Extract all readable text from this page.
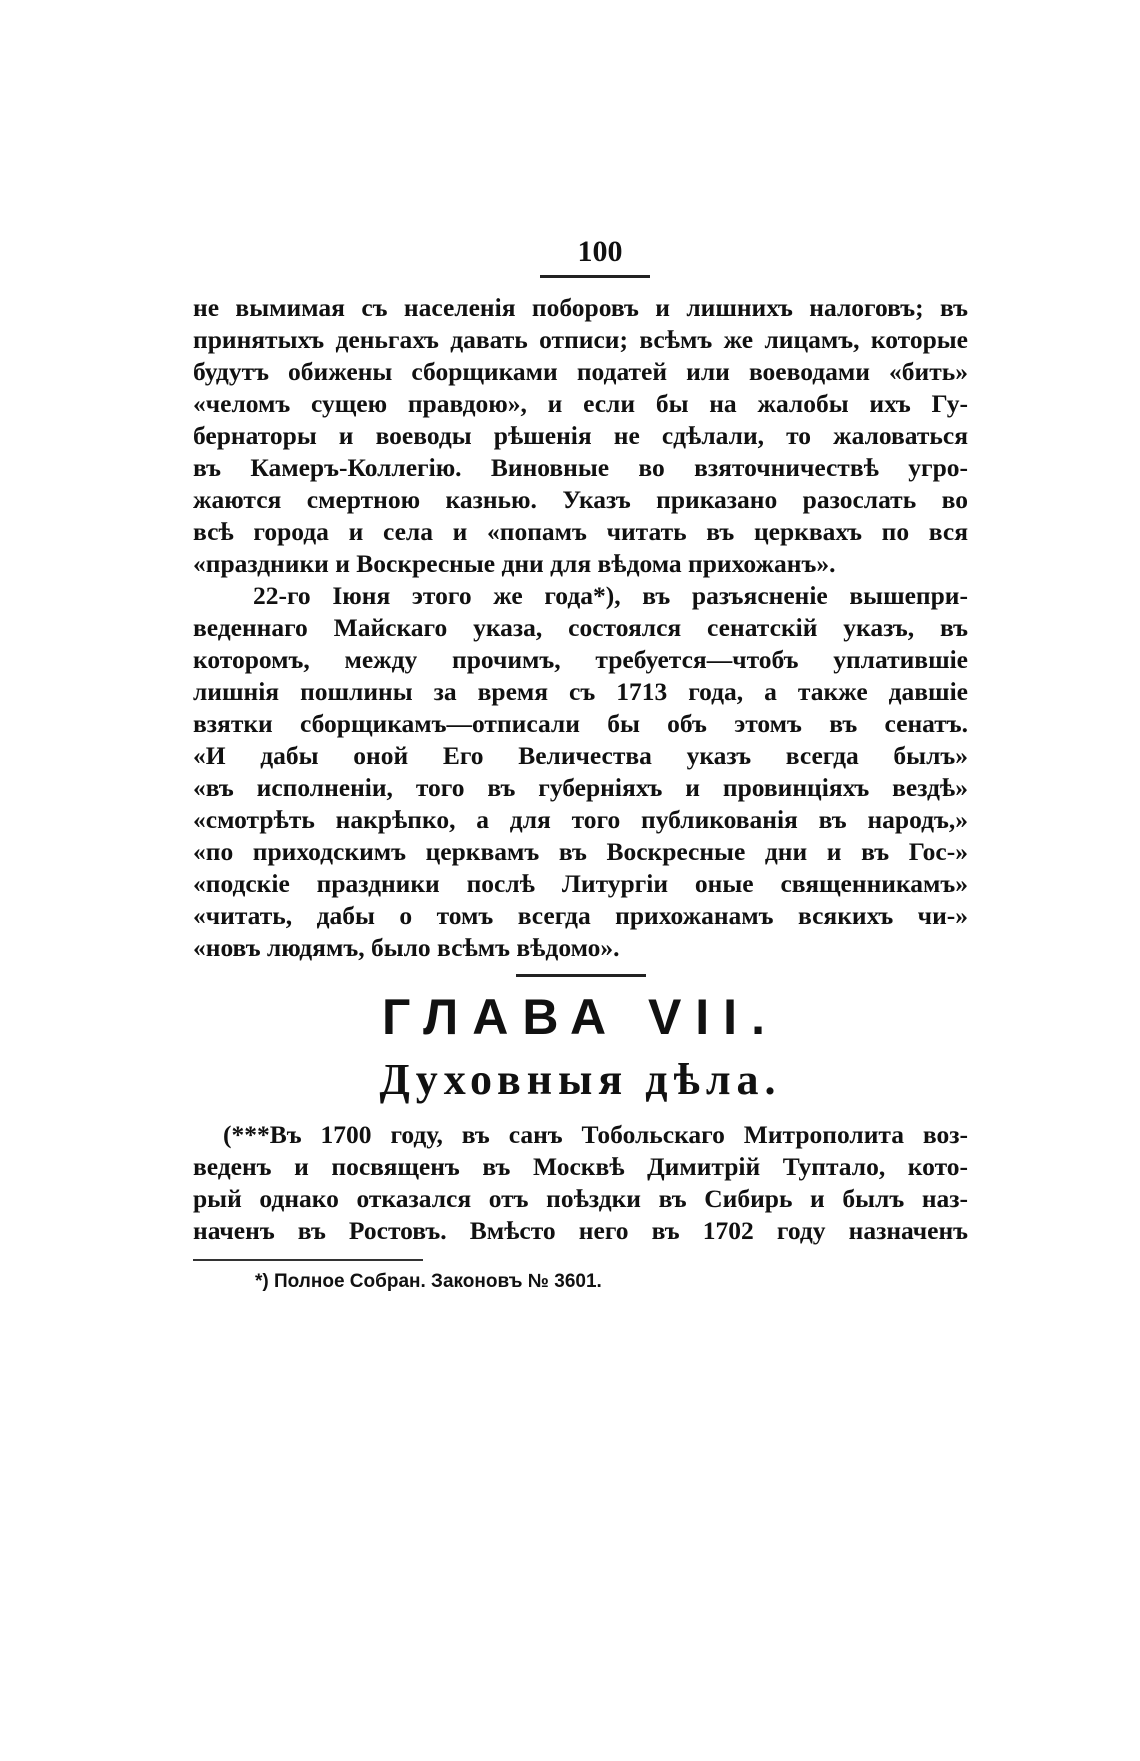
100
не вымимая съ населенія поборовъ и лишнихъ налоговъ; въ
принятыхъ деньгахъ давать отписи; всѣмъ же лицамъ, которые
будутъ обижены сборщиками податей или воеводами «бить»
«челомъ сущею правдою», и если бы на жалобы ихъ Гу-
бернаторы и воеводы рѣшенія не сдѣлали, то жаловаться
въ Камеръ-Коллегію. Виновные во взяточничествѣ угро-
жаются смертною казнью. Указъ приказано разослать во
всѣ города и села и «попамъ читать въ церквахъ по вся
«праздники и Воскресные дни для вѣдома прихожанъ».
22-го Іюня этого же года*), въ разъясненіе вышепри-
веденнаго Майскаго указа, состоялся сенатскій указъ, въ
которомъ, между прочимъ, требуется—чтобъ уплатившіе
лишнія пошлины за время съ 1713 года, а также давшіе
взятки сборщикамъ—отписали бы объ этомъ въ сенатъ.
«И дабы оной Его Величества указъ всегда былъ»
«въ исполненіи, того въ губерніяхъ и провинціяхъ вездѣ»
«смотрѣть накрѣпко, а для того публикованія въ народъ,»
«по приходскимъ церквамъ въ Воскресные дни и въ Гос-»
«подскіе праздники послѣ Литургіи оные священникамъ»
«читать, дабы о томъ всегда прихожанамъ всякихъ чи-»
«новъ людямъ, было всѣмъ вѣдомо».
ГЛАВА VII.
Духовныя дѣла.
(***Въ 1700 году, въ санъ Тобольскаго Митрополита воз-
веденъ и посвященъ въ Москвѣ Димитрій Туптало, кото-
рый однако отказался отъ поѣздки въ Сибирь и былъ наз-
наченъ въ Ростовъ. Вмѣсто него въ 1702 году назначенъ
*) Полное Собран. Законовъ № 3601.
